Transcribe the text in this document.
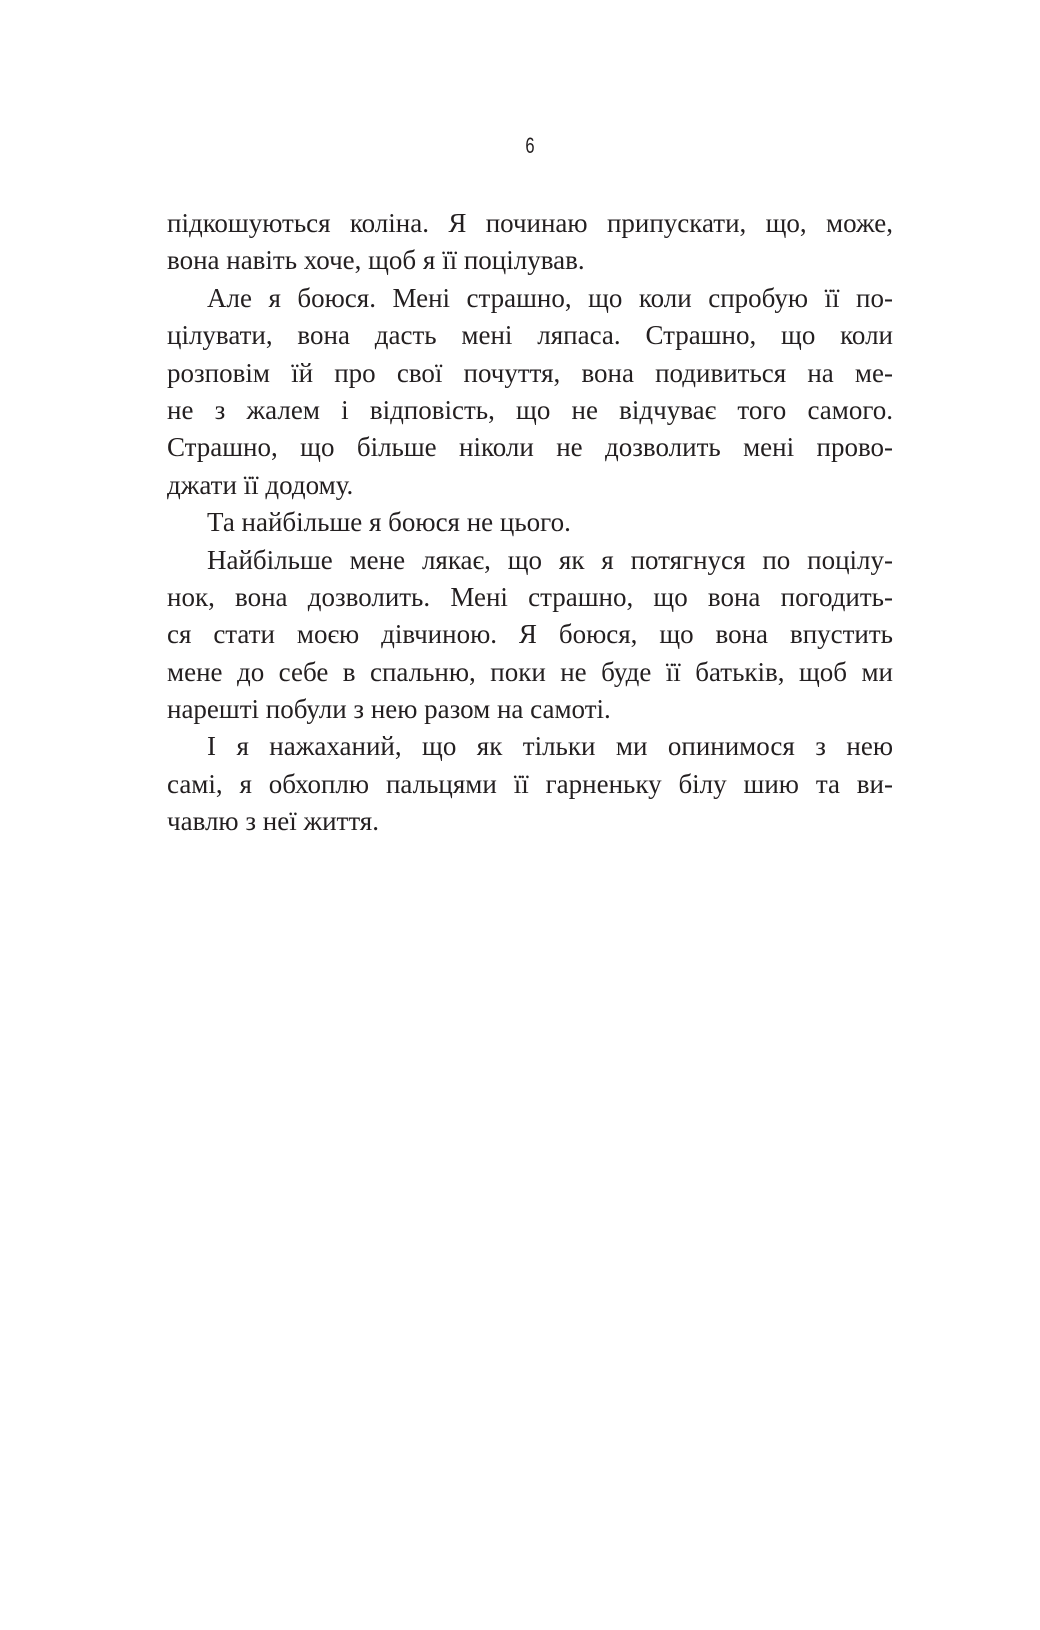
6
підкошуються коліна. Я починаю припускати, що, може,
вона навіть хоче, щоб я її поцілував.
Але я боюся. Мені страшно, що коли спробую її по-
цілувати, вона дасть мені ляпаса. Страшно, що коли
розповім їй про свої почуття, вона подивиться на ме-
не з жалем і відповість, що не відчуває того самого.
Страшно, що більше ніколи не дозволить мені прово-
джати її додому.
Та найбільше я боюся не цього.
Найбільше мене лякає, що як я потягнуся по поцілу-
нок, вона дозволить. Мені страшно, що вона погодить-
ся стати моєю дівчиною. Я боюся, що вона впустить
мене до себе в спальню, поки не буде її батьків, щоб ми
нарешті побули з нею разом на самоті.
І я нажаханий, що як тільки ми опинимося з нею
самі, я обхоплю пальцями її гарненьку білу шию та ви-
чавлю з неї життя.
